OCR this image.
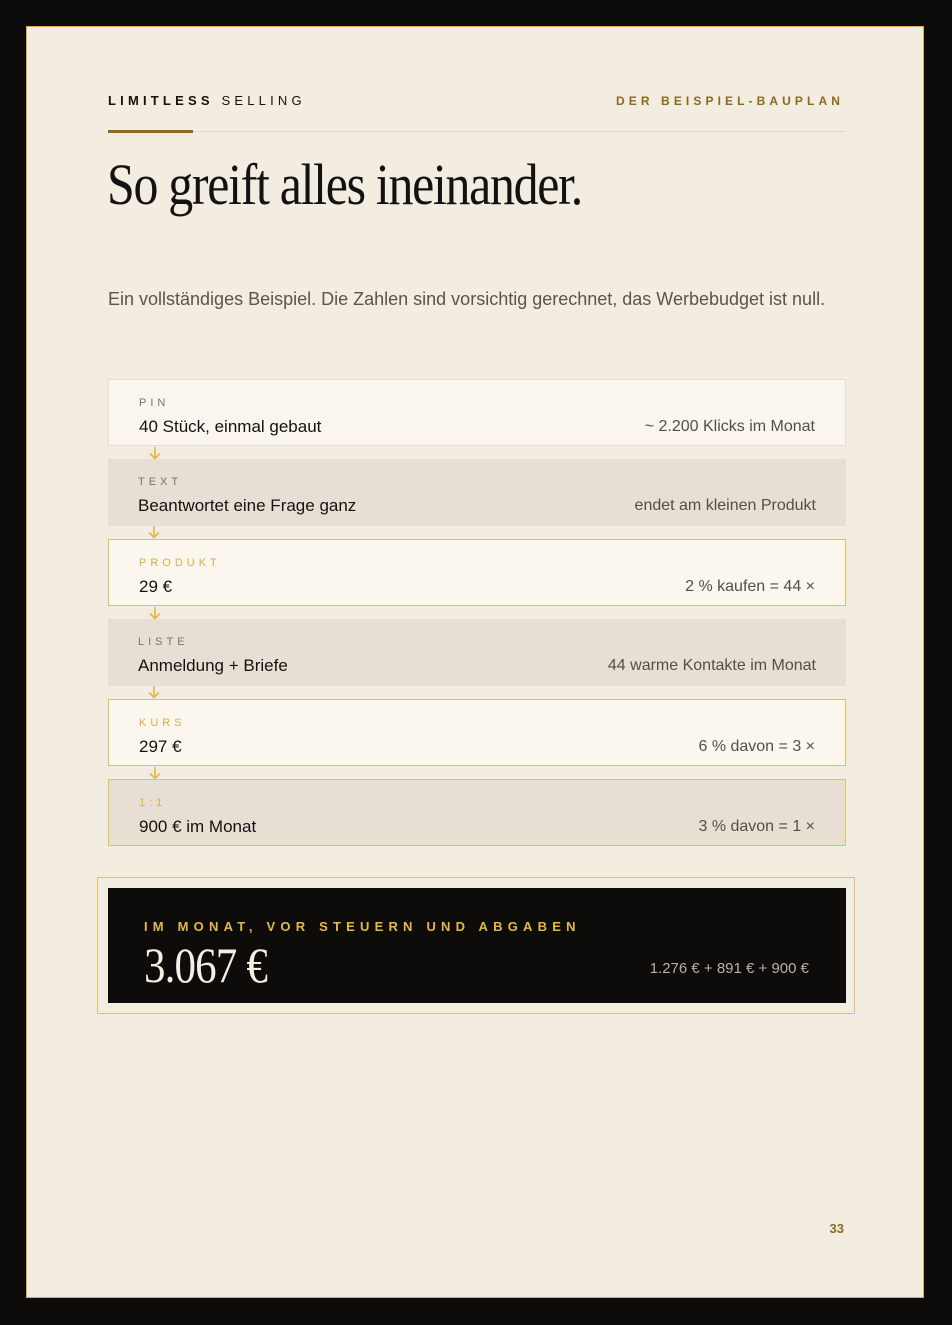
LIMITLESS SELLING	DER BEISPIEL-BAUPLAN
So greift alles ineinander.
Ein vollständiges Beispiel. Die Zahlen sind vorsichtig gerechnet, das Werbebudget ist null.
PIN
40 Stück, einmal gebaut	~ 2.200 Klicks im Monat
TEXT
Beantwortet eine Frage ganz	endet am kleinen Produkt
PRODUKT
29 €	2 % kaufen = 44 ×
LISTE
Anmeldung + Briefe	44 warme Kontakte im Monat
KURS
297 €	6 % davon = 3 ×
1:1
900 € im Monat	3 % davon = 1 ×
IM MONAT, VOR STEUERN UND ABGABEN
3.067 €	1.276 € + 891 € + 900 €
33
